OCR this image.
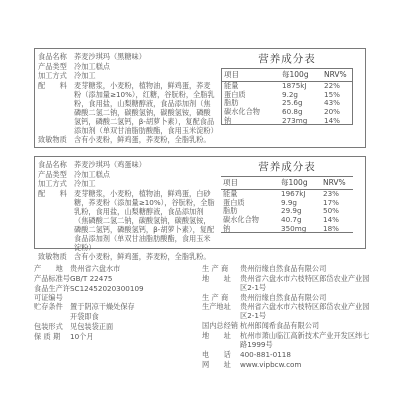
食品名称	荞麦沙琪玛（黑糖味）
产品类型	冷加工糕点
加工方式	冷加工
配　　料	麦芽糖浆，小麦粉，植物油，鲜鸡蛋，荞麦粉（添加量≥10%），红糖，谷朊粉，全脂乳粉，食用盐，山梨糖醇液，食品添加剂（焦磷酸二氢二钠，碳酸氢钠，碳酸氢铵，磷酸氢钙，磷酸二氢钙，β-胡萝卜素），复配食品添加剂（单双甘油脂肪酸酯，食用玉米淀粉）
致敏物质	含有小麦粉，鲜鸡蛋，荞麦粉，全脂乳粉。
营养成分表
项目	每100g	NRV%
能量	1875kJ	22%
蛋白质	9.2g	15%
脂肪	25.6g	43%
碳水化合物	60.8g	20%
钠	273mg	14%
食品名称	荞麦沙琪玛（鸡蛋味）
产品类型	冷加工糕点
加工方式	冷加工
配　　料	麦芽糖浆，小麦粉，植物油，鲜鸡蛋，白砂糖，荞麦粉（添加量≥10%），谷朊粉，全脂乳粉，食用盐，山梨糖醇液，食品添加剂（焦磷酸二氢二钠，碳酸氢钠，碳酸氢铵，磷酸二氢钙，磷酸氢钙，β-胡萝卜素），复配食品添加剂（单双甘油脂肪酸酯，食用玉米淀粉）
致敏物质	含有小麦粉，鲜鸡蛋，荞麦粉，全脂乳粉。
营养成分表
项目	每100g	NRV%
能量	1967kJ	23%
蛋白质	9.9g	17%
脂肪	29.9g	50%
碳水化合物	40.7g	14%
钠	350mg	18%
产　　地	贵州省六盘水市
产品标准号 GB/T 22475
食品生产许可证编号
SC12452020300109
贮存条件	置于阴凉干燥处保存
开袋即食
包装形式	见包装袋正面
保 质 期	10个月
生 产 商	贵州衍缘自然食品有限公司
地　　址	贵州省六盘水市六枝特区郎岱农业产业园区2-1号
生 产 商	贵州衍缘自然食品有限公司
生产地址	贵州省六盘水市六枝特区郎岱农业产业园区2-1号
国内总经销 杭州郎闻希食品有限公司
地　　址	杭州市萧山临江高新技术产业开发区纬七路1999号
电　　话	400-881-0118
网　　址	www.vipbcw.com
